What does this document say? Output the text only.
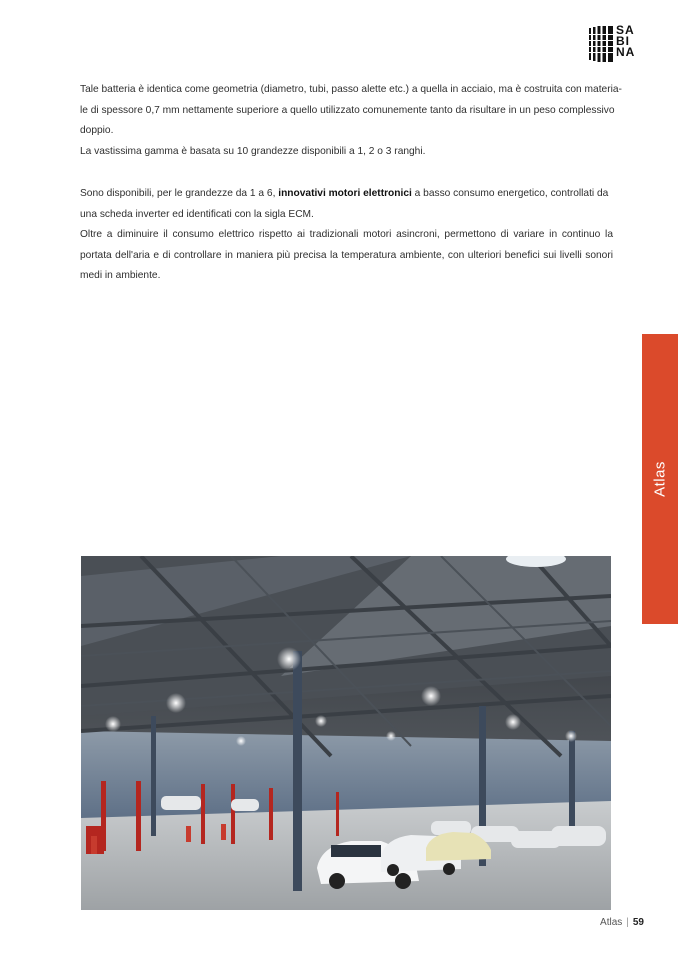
SA
BI
NA
Tale batteria è identica come geometria (diametro, tubi, passo alette etc.) a quella in acciaio, ma è costruita con materia-
le di spessore 0,7 mm nettamente superiore a quello utilizzato comunemente tanto da risultare in un peso complessivo
doppio.
La vastissima gamma è basata su 10 grandezze disponibili a 1, 2 o 3 ranghi.
Sono disponibili, per le grandezze da 1 a 6, innovativi motori elettronici a basso consumo energetico, controllati da
una scheda inverter ed identificati con la sigla ECM.
Oltre a diminuire il consumo elettrico rispetto ai tradizionali motori asincroni, permettono di variare in continuo la
portata dell'aria e di controllare in maniera più precisa la temperatura ambiente, con ulteriori benefici sui livelli sonori
medi in ambiente.
Atlas
Atlas | 59
